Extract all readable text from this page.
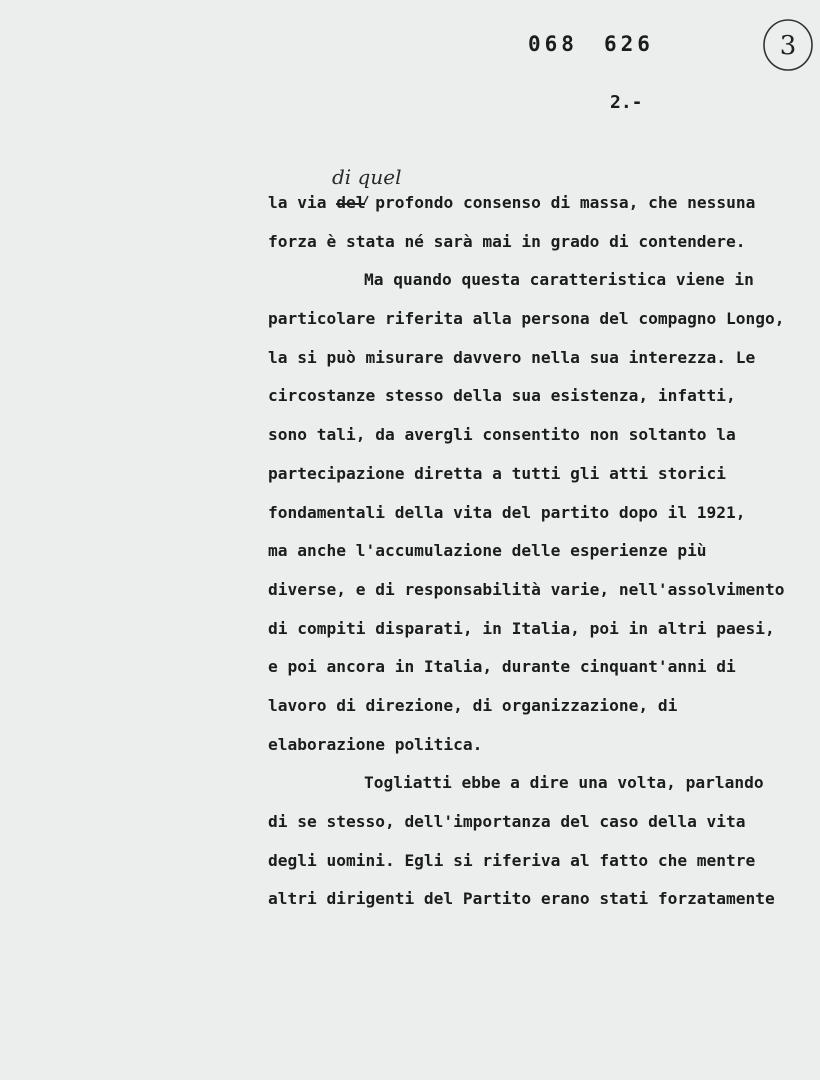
068 626	3
2.-
di quel
la via del profondo consenso di massa, che nessuna
forza è stata né sarà mai in grado di contendere.
Ma quando questa caratteristica viene in
particolare riferita alla persona del compagno Longo,
la si può misurare davvero nella sua interezza. Le
circostanze stesso della sua esistenza, infatti,
sono tali, da avergli consentito non soltanto la
partecipazione diretta a tutti gli atti storici
fondamentali della vita del partito dopo il 1921,
ma anche l'accumulazione delle esperienze più
diverse, e di responsabilità varie, nell'assolvimento
di compiti disparati, in Italia, poi in altri paesi,
e poi ancora in Italia, durante cinquant'anni di
lavoro di direzione, di organizzazione, di
elaborazione politica.
Togliatti ebbe a dire una volta, parlando
di se stesso, dell'importanza del caso della vita
degli uomini. Egli si riferiva al fatto che mentre
altri dirigenti del Partito erano stati forzatamente
